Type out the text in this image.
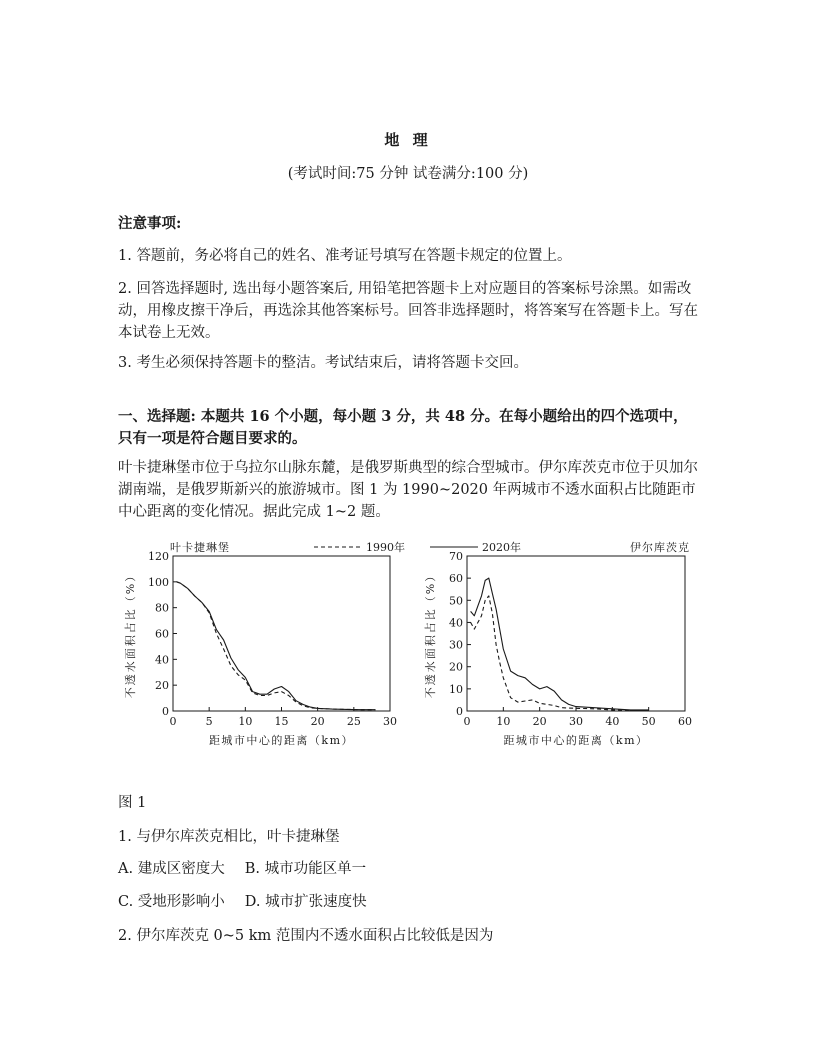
地 理
(考试时间:75 分钟 试卷满分:100 分)
注意事项:
1. 答题前，务必将自己的姓名、准考证号填写在答题卡规定的位置上。
2. 回答选择题时, 选出每小题答案后, 用铅笔把答题卡上对应题目的答案标号涂黑。如需改动，用橡皮擦干净后，再选涂其他答案标号。回答非选择题时，将答案写在答题卡上。写在本试卷上无效。
3. 考生必须保持答题卡的整洁。考试结束后，请将答题卡交回。
一、选择题: 本题共 16 个小题，每小题 3 分，共 48 分。在每小题给出的四个选项中，只有一项是符合题目要求的。
叶卡捷琳堡市位于乌拉尔山脉东麓，是俄罗斯典型的综合型城市。伊尔库茨克市位于贝加尔湖南端，是俄罗斯新兴的旅游城市。图 1 为 1990~2020 年两城市不透水面积占比随距市中心距离的变化情况。据此完成 1~2 题。
0
20
40
60
80
100
120
0	5 10 15 20 25 30
距城市中心的距离（km）
不透水面积占比（%）
叶卡捷琳堡	1990年
0
10
20
30
40
50
60
70
0 10 20 30 40 50 60
距城市中心的距离（km）
不透水面积占比（%）
伊尔库茨克
2020年
图 1
1. 与伊尔库茨克相比，叶卡捷琳堡
A. 建成区密度大 B. 城市功能区单一
C. 受地形影响小 D. 城市扩张速度快
2. 伊尔库茨克 0~5 km 范围内不透水面积占比较低是因为
